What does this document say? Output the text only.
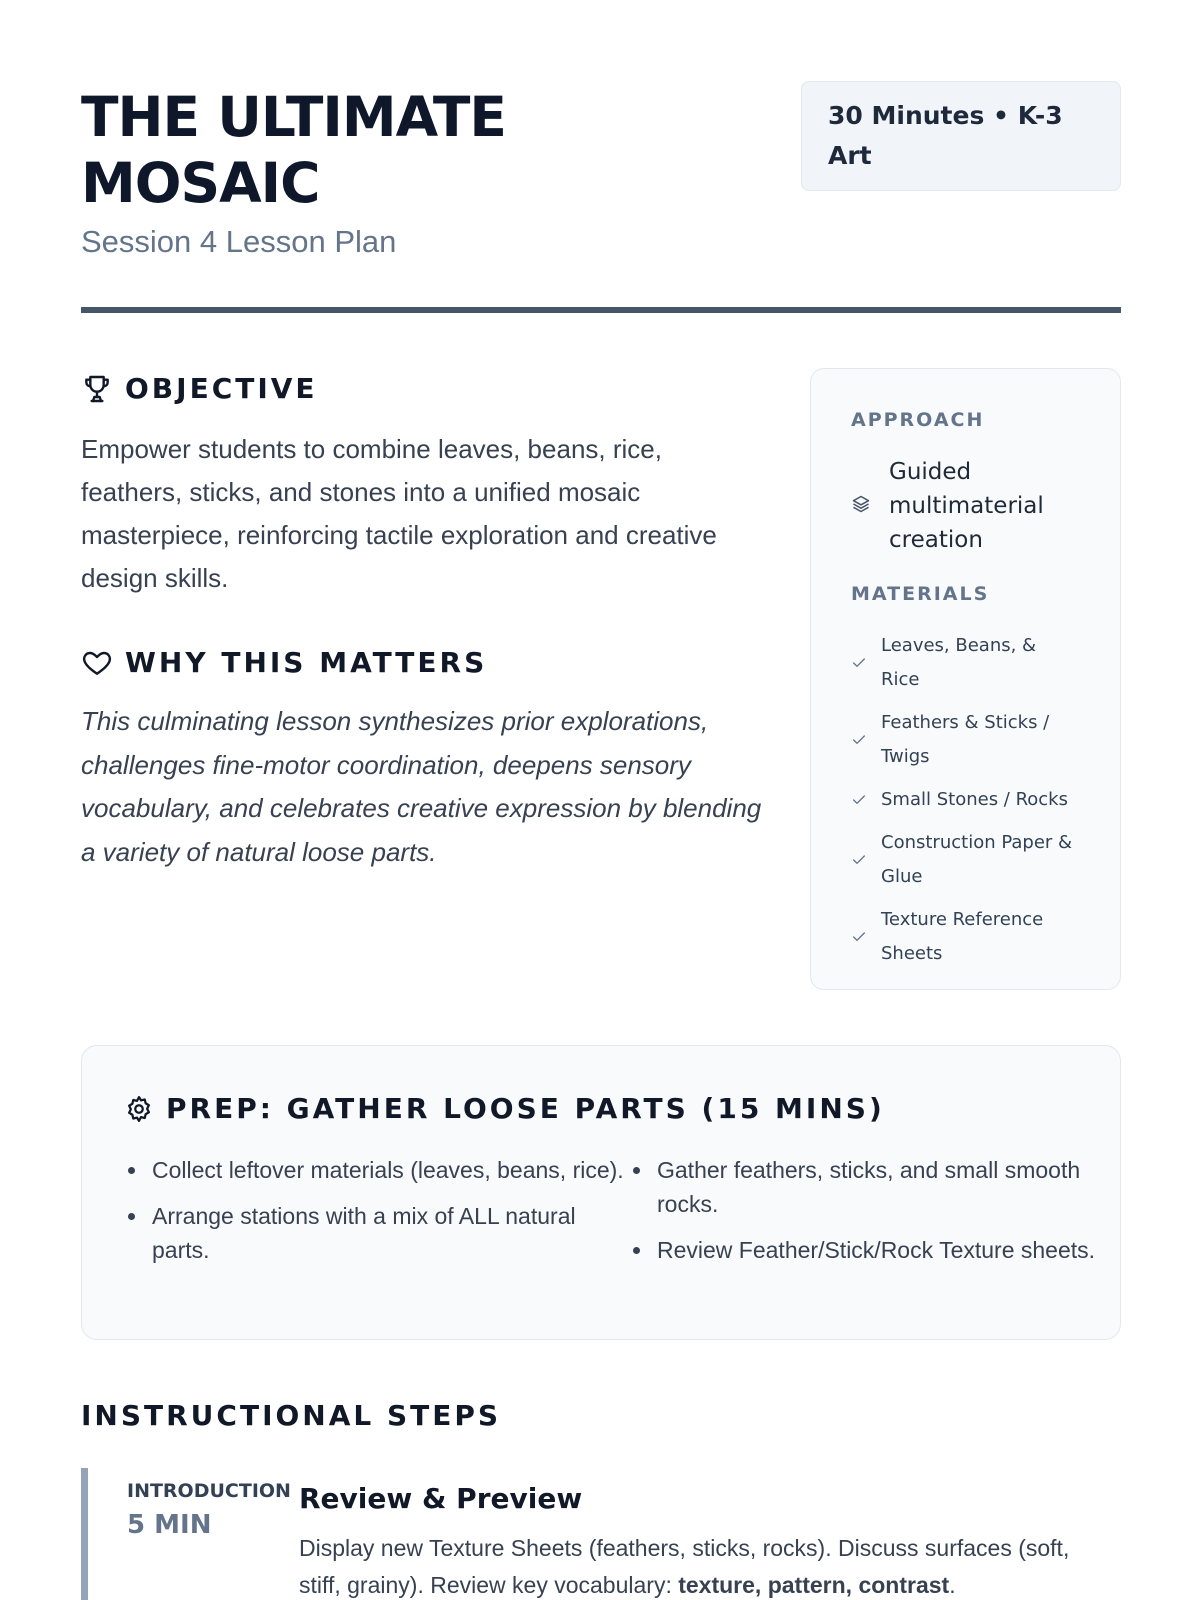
THE ULTIMATE
MOSAIC
Session 4 Lesson Plan
30 Minutes • K-3 Art
OBJECTIVE

Empower students to combine leaves, beans, rice, feathers, sticks, and stones into a unified mosaic masterpiece, reinforcing tactile exploration and creative design skills.

WHY THIS MATTERS

This culminating lesson synthesizes prior explorations, challenges fine-motor coordination, deepens sensory vocabulary, and celebrates creative expression by blending a variety of natural loose parts.

APPROACH
Guided multimaterial creation
MATERIALS
Leaves, Beans, & Rice
Feathers & Sticks / Twigs
Small Stones / Rocks
Construction Paper & Glue
Texture Reference Sheets
PREP: GATHER LOOSE PARTS (15 MINS)
Collect leftover materials (leaves, beans, rice).
Arrange stations with a mix of ALL natural parts.
Gather feathers, sticks, and small smooth rocks.
Review Feather/Stick/Rock Texture sheets.
INSTRUCTIONAL STEPS
INTRODUCTION
5 MIN
Review & Preview

Display new Texture Sheets (feathers, sticks, rocks). Discuss surfaces (soft, stiff, grainy). Review key vocabulary: texture, pattern, contrast.
